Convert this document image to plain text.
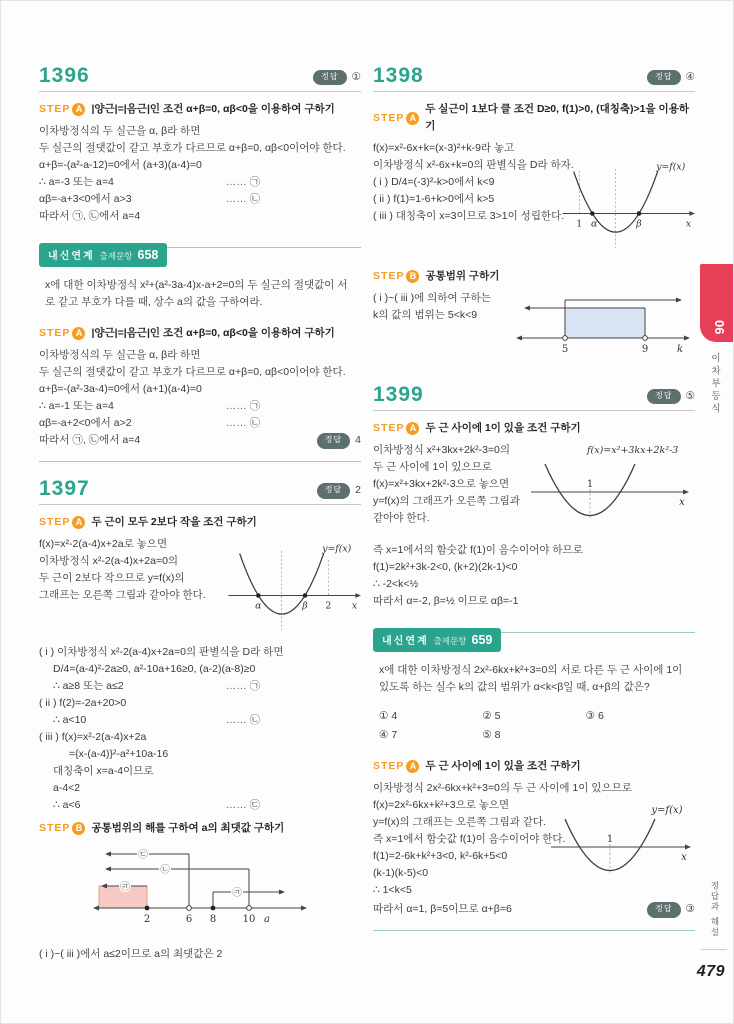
1396	정답	①
STEP A |양근|=|음근|인 조건 α+β=0, αβ<0을 이용하여 구하기
이차방정식의 두 실근을 α, β라 하면
두 실근의 절댓값이 같고 부호가 다르므로 α+β=0, αβ<0이어야 한다.
α+β=-(a²-a-12)=0에서 (a+3)(a-4)=0
∴ a=-3 또는 a=4	…… ㉠
αβ=-a+3<0에서 a>3	…… ㉡
따라서 ㉠, ㉡에서 a=4
내신연계 출제문항 658
x에 대한 이차방정식 x²+(a²-3a-4)x-a+2=0의 두 실근의 절댓값이 서로 같고 부호가 다를 때, 상수 a의 값을 구하여라.
STEP A |양근|=|음근|인 조건 α+β=0, αβ<0을 이용하여 구하기
이차방정식의 두 실근을 α, β라 하면
두 실근의 절댓값이 같고 부호가 다르므로 α+β=0, αβ<0이어야 한다.
α+β=-(a²-3a-4)=0에서 (a+1)(a-4)=0
∴ a=-1 또는 a=4	…… ㉠
αβ=-a+2<0에서 a>2	…… ㉡
따라서 ㉠, ㉡에서 a=4	정답	4
1397	정답	2
STEP A 두 근이 모두 2보다 작을 조건 구하기
f(x)=x²-2(a-4)x+2a로 놓으면
이차방정식 x²-2(a-4)x+2a=0의
두 근이 2보다 작으므로 y=f(x)의
그래프는 오른쪽 그림과 같아야 한다.
α	β 2 x
y=f(x)
( i ) 이차방정식 x²-2(a-4)x+2a=0의 판별식을 D라 하면
D/4=(a-4)²-2a≥0, a²-10a+16≥0, (a-2)(a-8)≥0
∴ a≥8 또는 a≤2	…… ㉠
( ii ) f(2)=-2a+20>0
∴ a<10	…… ㉡
( iii ) f(x)=x²-2(a-4)x+2a
={x-(a-4)}²-a²+10a-16
대칭축이 x=a-4이므로
a-4<2
∴ a<6	…… ㉢
STEP B 공통범위의 해를 구하여 a의 최댓값 구하기
㉢
㉡
㉠
㉠
2	6 8	10 a
( i )~( iii )에서 a≤2이므로 a의 최댓값은 2
1398	정답	④
STEP A
두 실근이 1보다 클 조건 D≥0, f(1)>0, (대칭축)>1을 이용하기
f(x)=x²-6x+k=(x-3)²+k-9라 놓고
이차방정식 x²-6x+k=0의 판별식을 D라 하자.
( i ) D/4=(-3)²-k>0에서 k<9
( ii ) f(1)=1-6+k>0에서 k>5
( iii ) 대칭축이 x=3이므로 3>1이 성립한다.
1 α	β	x
y=f(x)
STEP B 공통범위 구하기
( i )~( iii )에 의하여 구하는
k의 값의 범위는 5<k<9
5	9	k
1399	정답	⑤
STEP A 두 근 사이에 1이 있을 조건 구하기
이차방정식 x²+3kx+2k²-3=0의
두 근 사이에 1이 있으므로
f(x)=x²+3kx+2k²-3으로 놓으면
y=f(x)의 그래프가 오른쪽 그림과
같아야 한다.
1
x
f(x)=x²+3kx+2k²-3
즉 x=1에서의 함숫값 f(1)이 음수이어야 하므로
f(1)=2k²+3k-2<0, (k+2)(2k-1)<0
∴ -2<k<½
따라서 α=-2, β=½ 이므로 αβ=-1
내신연계 출제문항 659
x에 대한 이차방정식 2x²-6kx+k²+3=0의 서로 다른 두 근 사이에 1이 있도록 하는 실수 k의 값의 범위가 α<k<β일 때, α+β의 값은?
① 4	② 5	③ 6
④ 7	⑤ 8
STEP A 두 근 사이에 1이 있을 조건 구하기
이차방정식 2x²-6kx+k²+3=0의 두 근 사이에 1이 있으므로
f(x)=2x²-6kx+k²+3으로 놓으면
y=f(x)의 그래프는 오른쪽 그림과 같다.
즉 x=1에서 함숫값 f(1)이 음수이어야 한다.
f(1)=2-6k+k²+3<0, k²-6k+5<0
(k-1)(k-5)<0
∴ 1<k<5
1
x
y=f(x)
따라서 α=1, β=5이므로 α+β=6	정답	③
06
이차부등식
정답과 해설
479
